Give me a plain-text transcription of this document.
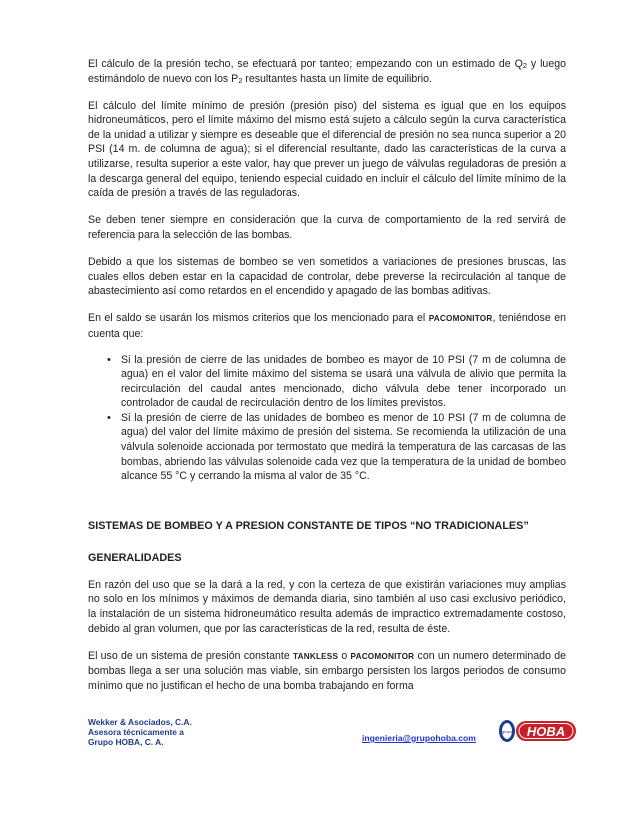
El cálculo de la presión techo, se efectuará por tanteo; empezando con un estimado de $Q_2$ y luego estimándolo de nuevo con los $P_2$ resultantes hasta un límite de equilibrio.

El cálculo del límite mínimo de presión (presión piso) del sistema es igual que en los equipos hidroneumáticos, pero el límite máximo del mismo está sujeto a cálculo según la curva característica de la unidad a utilizar y siempre es deseable que el diferencial de presión no sea nunca superior a 20 PSI (14 m. de columna de agua); si el diferencial resultante, dado las características de la curva a utilizarse, resulta superior a este valor, hay que prever un juego de válvulas reguladoras de presión a la descarga general del equipo, teniendo especial cuidado en incluir el cálculo del límite mínimo de la caída de presión a través de las reguladoras.

Se deben tener siempre en consideración que la curva de comportamiento de la red servirá de referencia para la selección de las bombas.

Debido a que los sistemas de bombeo se ven sometidos a variaciones de presiones bruscas, las cuales ellos deben estar en la capacidad de controlar, debe preverse la recirculación al tanque de abastecimiento así como retardos en el encendido y apagado de las bombas aditivas.

En el saldo se usarán los mismos criterios que los mencionado para el PACOMONITOR, teniéndose en cuenta que:

• Si la presión de cierre de las unidades de bombeo es mayor de 10 PSI (7 m de columna de agua) en el valor del limite máximo del sistema se usará una válvula de alivio que permita la recirculación del caudal antes mencionado, dicho válvula debe tener incorporado un controlador de caudal de recirculación dentro de los límites previstos.
• Si la presión de cierre de las unidades de bombeo es menor de 10 PSI (7 m de columna de agua) del valor del límite máximo de presión del sistema. Se recomienda la utilización de una válvula solenoide accionada por termostato que medirá la temperatura de las carcasas de las bombas, abriendo las válvulas solenoide cada vez que la temperatura de la unidad de bombeo alcance 55 °C y cerrando la misma al valor de 35 °C.
SISTEMAS DE BOMBEO Y A PRESION CONSTANTE DE TIPOS “NO TRADICIONALES”
GENERALIDADES

En razón del uso que se la dará a la red, y con la certeza de que existirán variaciones muy amplias no solo en los mínimos y máximos de demanda diaria, sino también al uso casi exclusivo periódico, la instalación de un sistema hidroneumático resulta además de impractico extremadamente costoso, debido al gran volumen, que por las características de la red, resulta de éste.

El uso de un sistema de presión constante TANKLESS o PACOMONITOR con un numero determinado de bombas llega a ser una solución mas viable, sin embargo persisten los largos periodos de consumo mínimo que no justifican el hecho de una bomba trabajando en forma

Wekker & Asociados, C.A.
Asesora técnicamente a
Grupo HOBA, C. A.	ingenieria@grupohoba.com	HOBA
grupo
